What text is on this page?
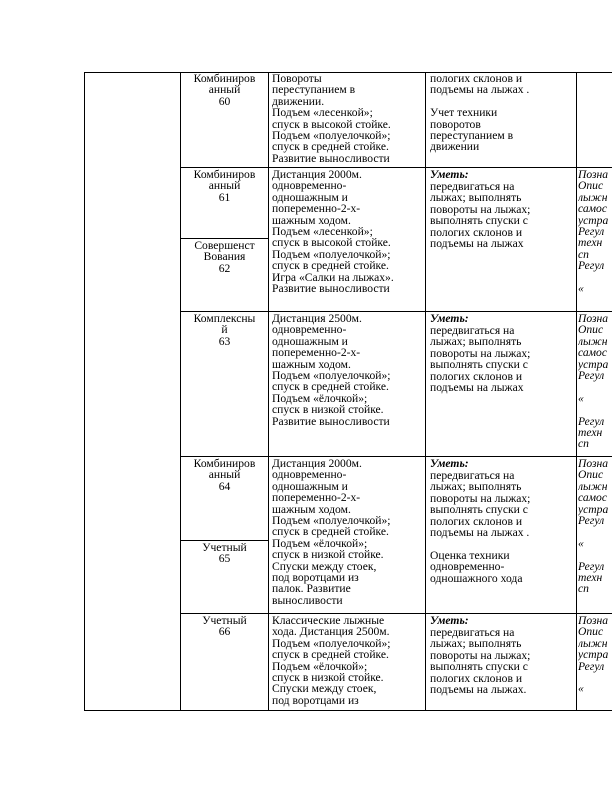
Комбиниров
анный
60
Повороты
переступанием в
движении.
Подъем «лесенкой»;
спуск в высокой стойке.
Подъем «полуелочкой»;
спуск в средней стойке.
Развитие выносливости
пологих склонов и
подъемы на лыжах .

Учет техники
поворотов
переступанием в
движении
Комбиниров
анный
61
Совершенст
Вования
62
Дистанция 2000м.
одновременно-
одношажным и
попеременно-2-х-
шажным ходом.
Подъем «лесенкой»;
спуск в высокой стойке.
Подъем «полуелочкой»;
спуск в средней стойке.
Игра «Салки на лыжах».
Развитие выносливости
Уметь:
передвигаться на
лыжах; выполнять
повороты на лыжах;
выполнять спуски с
пологих склонов и
подъемы на лыжах
Позна
Опис
лыжн
самос
устра
Регул
техн
сп
Регул

«
Комплексны
й
63
Дистанция 2500м.
одновременно-
одношажным и
попеременно-2-х-
шажным ходом.
Подъем «полуелочкой»;
спуск в средней стойке.
Подъем «ёлочкой»;
спуск в низкой стойке.
Развитие выносливости
Уметь:
передвигаться на
лыжах; выполнять
повороты на лыжах;
выполнять спуски с
пологих склонов и
подъемы на лыжах
Позна
Опис
лыжн
самос
устра
Регул

«

Регул
техн
сп
Комбиниров
анный
64
Учетный
65
Дистанция 2000м.
одновременно-
одношажным и
попеременно-2-х-
шажным ходом.
Подъем «полуелочкой»;
спуск в средней стойке.
Подъем «ёлочкой»;
спуск в низкой стойке.
Спуски между стоек,
под воротцами из
палок. Развитие
выносливости
Уметь:
передвигаться на
лыжах; выполнять
повороты на лыжах;
выполнять спуски с
пологих склонов и
подъемы на лыжах .

Оценка техники
одновременно-
одношажного хода
Позна
Опис
лыжн
самос
устра
Регул

«

Регул
техн
сп
Учетный
66
Классические лыжные
хода. Дистанция 2500м.
Подъем «полуелочкой»;
спуск в средней стойке.
Подъем «ёлочкой»;
спуск в низкой стойке.
Спуски между стоек,
под воротцами из
Уметь:
передвигаться на
лыжах; выполнять
повороты на лыжах;
выполнять спуски с
пологих склонов и
подъемы на лыжах.
Позна
Опис
лыжн
устра
Регул

«
